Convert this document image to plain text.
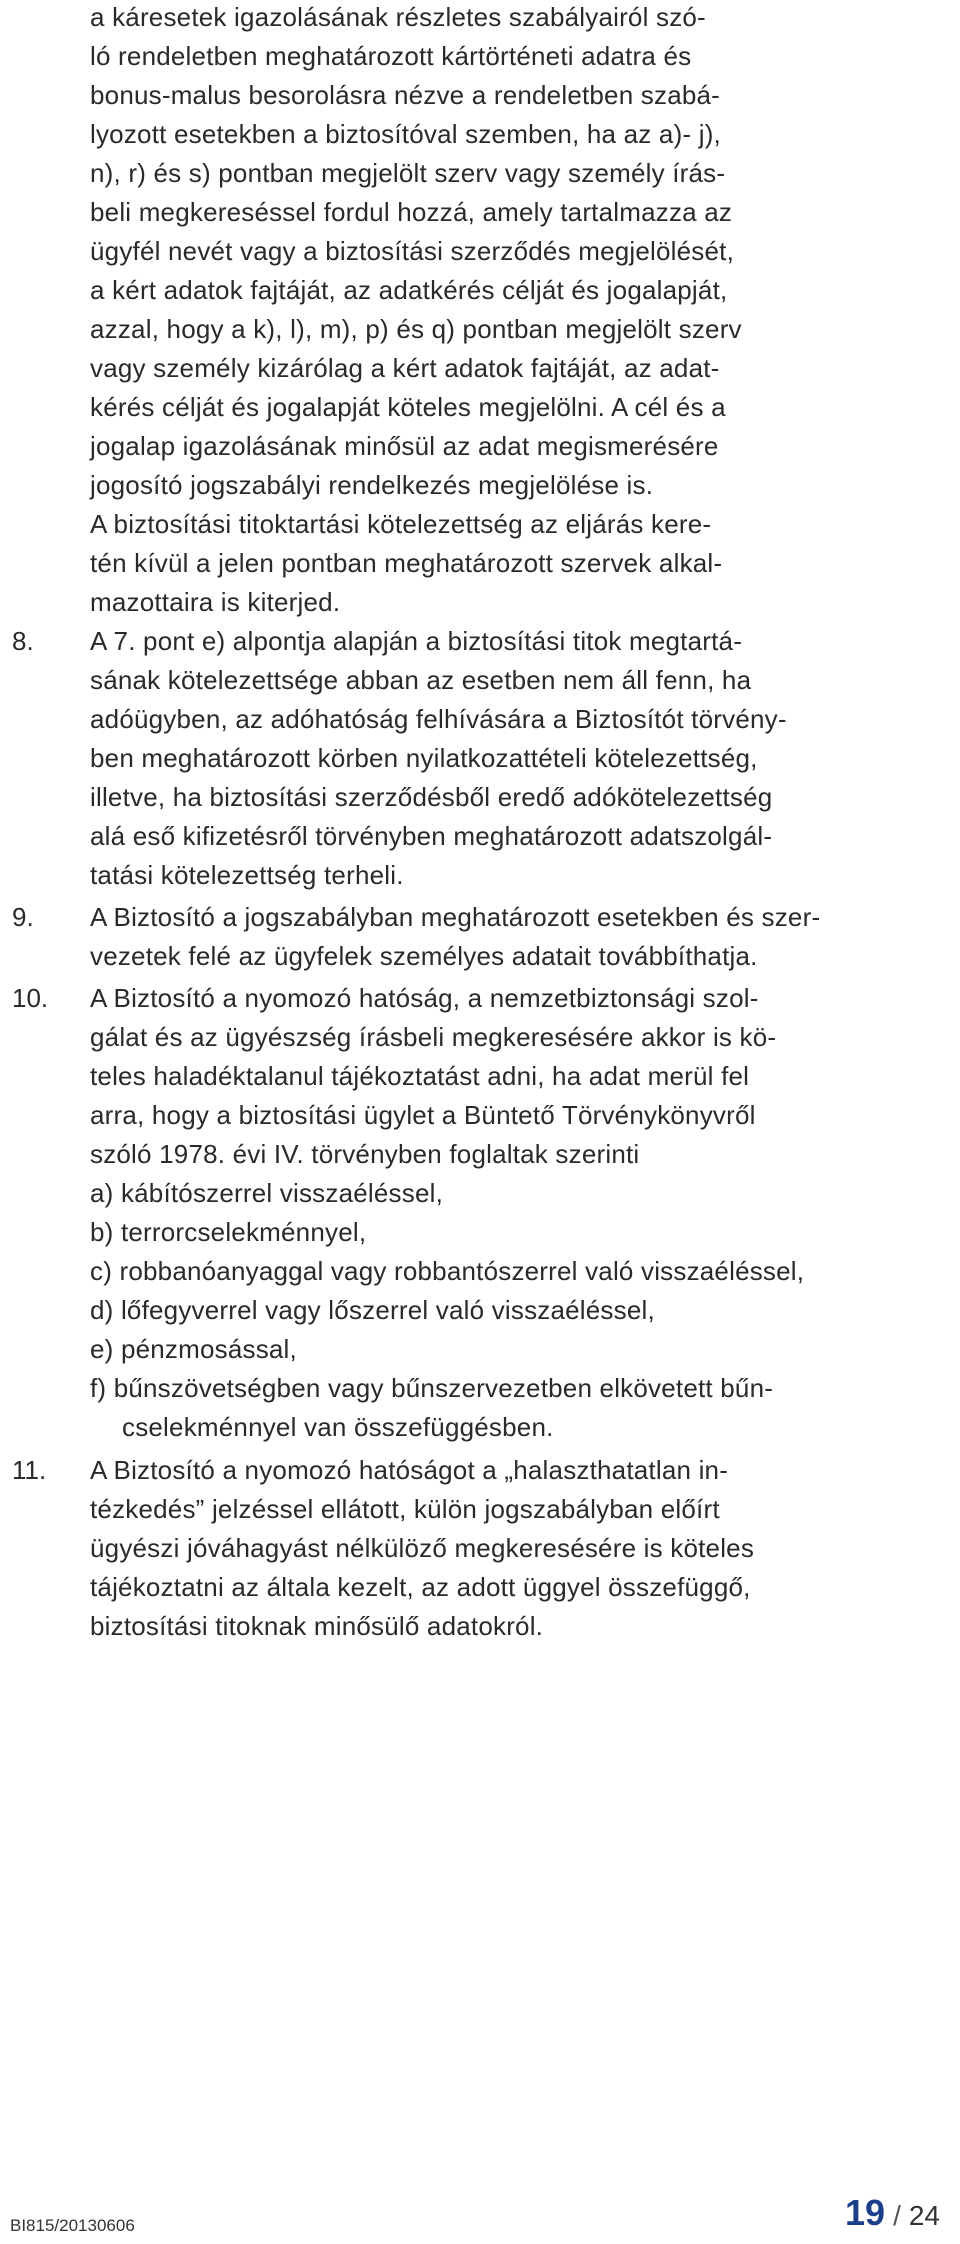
a káresetek igazolásának részletes szabályairól szó-
ló rendeletben meghatározott kártörténeti adatra és
bonus-malus besorolásra nézve a rendeletben szabá-
lyozott esetekben a biztosítóval szemben, ha az a)- j),
n), r) és s) pontban megjelölt szerv vagy személy írás-
beli megkereséssel fordul hozzá, amely tartalmazza az
ügyfél nevét vagy a biztosítási szerződés megjelölését,
a kért adatok fajtáját, az adatkérés célját és jogalapját,
azzal, hogy a k), l), m), p) és q) pontban megjelölt szerv
vagy személy kizárólag a kért adatok fajtáját, az adat-
kérés célját és jogalapját köteles megjelölni. A cél és a
jogalap igazolásának minősül az adat megismerésére
jogosító jogszabályi rendelkezés megjelölése is.
A biztosítási titoktartási kötelezettség az eljárás kere-
tén kívül a jelen pontban meghatározott szervek alkal-
mazottaira is kiterjed.
8. A 7. pont e) alpontja alapján a biztosítási titok megtartá-
sának kötelezettsége abban az esetben nem áll fenn, ha
adóügyben, az adóhatóság felhívására a Biztosítót törvény-
ben meghatározott körben nyilatkozattételi kötelezettség,
illetve, ha biztosítási szerződésből eredő adókötelezettség
alá eső kifizetésről törvényben meghatározott adatszolgál-
tatási kötelezettség terheli.
9. A Biztosító a jogszabályban meghatározott esetekben és szer-
vezetek felé az ügyfelek személyes adatait továbbíthatja.
10. A Biztosító a nyomozó hatóság, a nemzetbiztonsági szol-
gálat és az ügyészség írásbeli megkeresésére akkor is kö-
teles haladéktalanul tájékoztatást adni, ha adat merül fel
arra, hogy a biztosítási ügylet a Büntető Törvénykönyvről
szóló 1978. évi IV. törvényben foglaltak szerinti
a) kábítószerrel visszaéléssel,
b) terrorcselekménnyel,
c) robbanóanyaggal vagy robbantószerrel való visszaéléssel,
d) lőfegyverrel vagy lőszerrel való visszaéléssel,
e) pénzmosással,
f) bűnszövetségben vagy bűnszervezetben elkövetett bűn-
cselekménnyel van összefüggésben.
11. A Biztosító a nyomozó hatóságot a „halaszthatatlan in-
tézkedés” jelzéssel ellátott, külön jogszabályban előírt
ügyészi jóváhagyást nélkülöző megkeresésére is köteles
tájékoztatni az általa kezelt, az adott üggyel összefüggő,
biztosítási titoknak minősülő adatokról.
BI815/20130606	19 / 24
